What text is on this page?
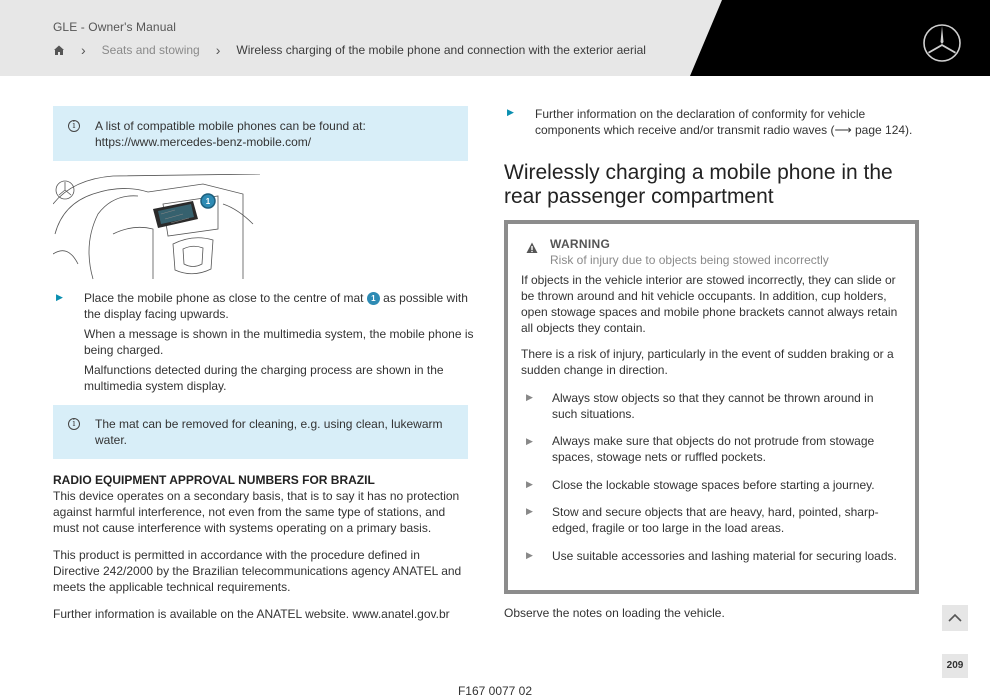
GLE - Owner's Manual
› Seats and stowing › Wireless charging of the mobile phone and connection with the exterior aerial
i	A list of compatible mobile phones can be found at: https://www.mercedes-benz-mobile.com/
1
▶ Place the mobile phone as close to the centre of mat 1 as possible with the display facing upwards.
When a message is shown in the multimedia system, the mobile phone is being charged.
Malfunctions detected during the charging process are shown in the multimedia system display.
i	The mat can be removed for cleaning, e.g. using clean, lukewarm water.
RADIO EQUIPMENT APPROVAL NUMBERS FOR BRAZIL
This device operates on a secondary basis, that is to say it has no protection against harmful interference, not even from the same type of stations, and must not cause interference with systems operating on a primary basis.
This product is permitted in accordance with the procedure defined in Directive 242/2000 by the Brazilian telecommunications agency ANATEL and meets the applicable technical requirements.
Further information is available on the ANATEL website. www.anatel.gov.br
▶ Further information on the declaration of conformity for vehicle components which receive and/or transmit radio waves (⟶ page 124).
Wirelessly charging a mobile phone in the rear passenger compartment
WARNING
Risk of injury due to objects being stowed incorrectly
If objects in the vehicle interior are stowed incorrectly, they can slide or be thrown around and hit vehicle occupants. In addition, cup holders, open stowage spaces and mobile phone brackets cannot always retain all objects they contain.
There is a risk of injury, particularly in the event of sudden braking or a sudden change in direction.
▶ Always stow objects so that they cannot be thrown around in such situations.
▶ Always make sure that objects do not protrude from stowage spaces, stowage nets or ruffled pockets.
▶ Close the lockable stowage spaces before starting a journey.
▶ Stow and secure objects that are heavy, hard, pointed, sharp-edged, fragile or too large in the load areas.
▶ Use suitable accessories and lashing material for securing loads.
Observe the notes on loading the vehicle.
209
F167 0077 02
